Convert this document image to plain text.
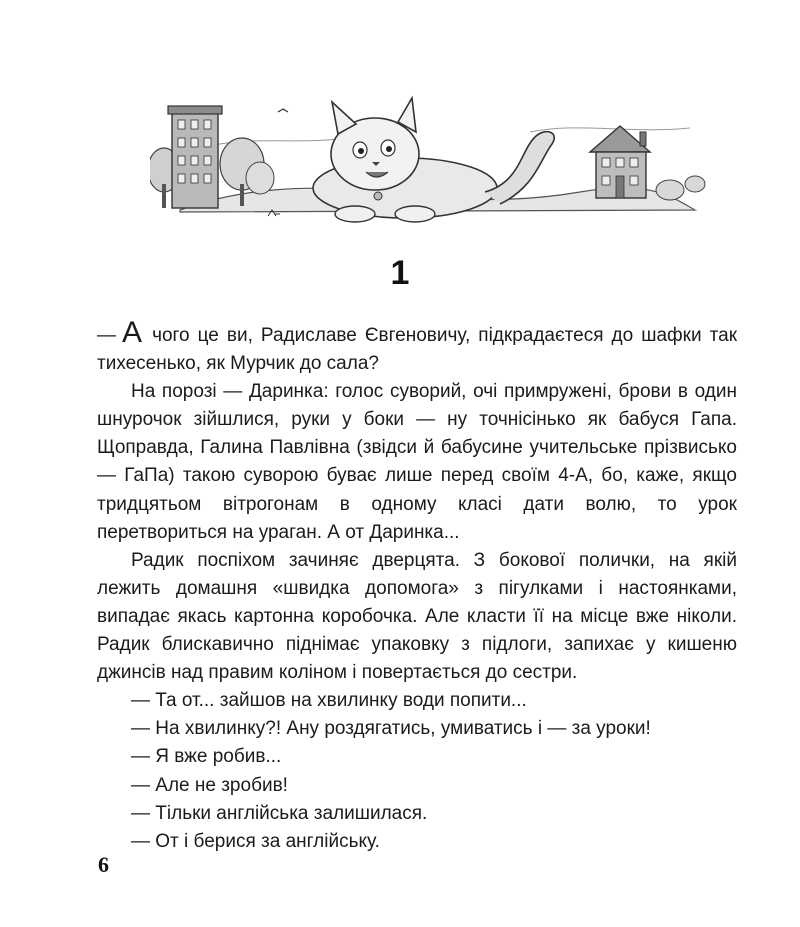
1

— А чого це ви, Радиславе Євгеновичу, підкрадаєтеся до шафки так тихесенько, як Мурчик до сала?

На порозі — Даринка: голос суворий, очі примружені, брови в один шнурочок зійшлися, руки у боки — ну точнісінько як бабуся Гапа. Щоправда, Галина Павлівна (звідси й бабусине учительське прізвисько — ГаПа) такою суворою буває лише перед своїм 4-А, бо, каже, якщо тридцятьом вітрогонам в одному класі дати волю, то урок перетвориться на ураган. А от Даринка...

Радик поспіхом зачиняє дверцята. З бокової полички, на якій лежить домашня «швидка допомога» з пігулками і настоянками, випадає якась картонна коробочка. Але класти її на місце вже ніколи. Радик блискавично піднімає упаковку з підлоги, запихає у кишеню джинсів над правим коліном і повертається до сестри.

— Та от... зайшов на хвилинку води попити...

— На хвилинку?! Ану роздягатись, умиватись і — за уроки!

— Я вже робив...

— Але не зробив!

— Тільки англійська залишилася.

— От і берися за англійську.

6
